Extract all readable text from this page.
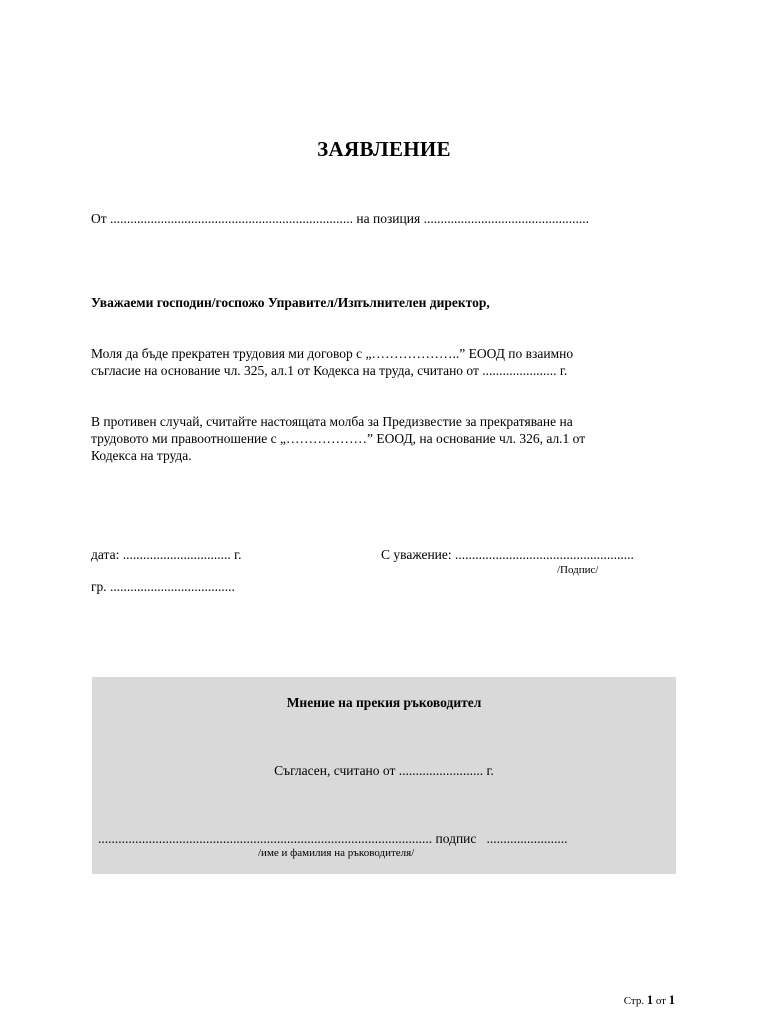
ЗАЯВЛЕНИЕ
От ........................................................................ на позиция .................................................
Уважаеми господин/госпожо Управител/Изпълнителен директор,

Моля да бъде прекратен трудовия ми договор с „………………..” ЕООД по взаимно

съгласие на основание чл. 325, ал.1 от Кодекса на труда, считано от ...................... г.

В противен случай, считайте настоящата молба за Предизвестие за прекратяване на

трудовото ми правоотношение с „………………” ЕООД, на основание чл. 326, ал.1 от

Кодекса на труда.

дата: ................................ г.	С уважение: .....................................................
/Подпис/
гр. .....................................
Мнение на прекия ръководител
Съгласен, считано от ......................... г.
................................................................................................... подпис ........................
/име и фамилия на ръководителя/
Стр. 1 от 1
